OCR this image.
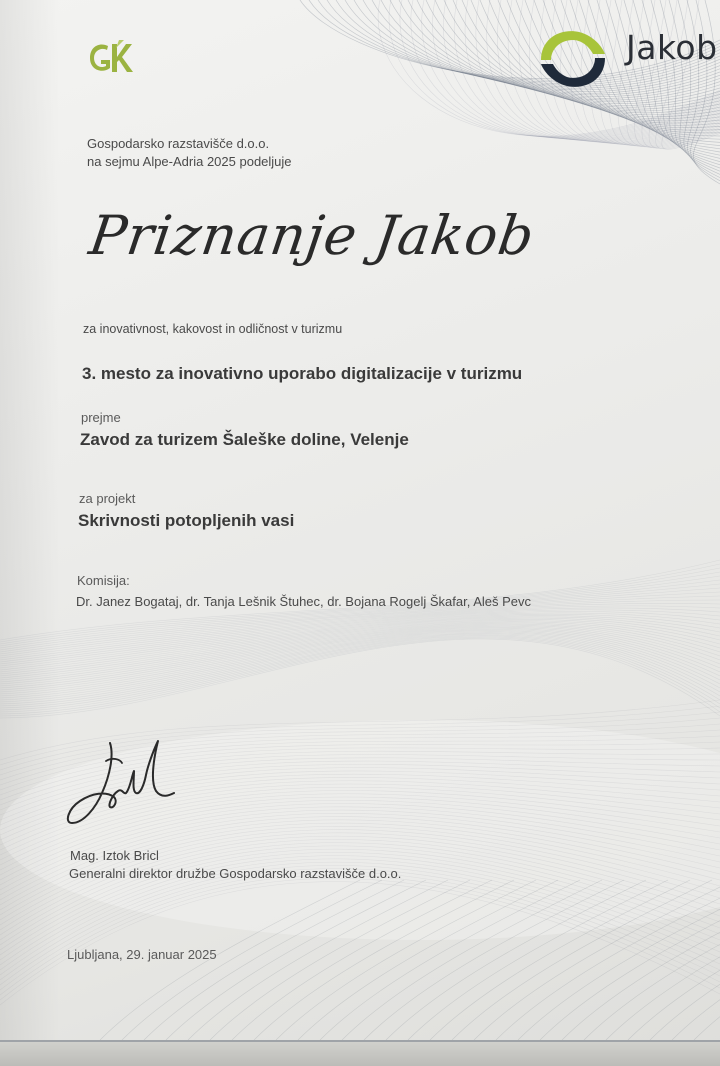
Jakob

Gospodarsko razstavišče d.o.o.

na sejmu Alpe-Adria 2025 podeljuje

Priznanje Jakob

za inovativnost, kakovost in odličnost v turizmu

3. mesto za inovativno uporabo digitalizacije v turizmu

prejme

Zavod za turizem Šaleške doline, Velenje

za projekt

Skrivnosti potopljenih vasi

Komisija:

Dr. Janez Bogataj, dr. Tanja Lešnik Štuhec, dr. Bojana Rogelj Škafar, Aleš Pevc

Mag. Iztok Bricl

Generalni direktor družbe Gospodarsko razstavišče d.o.o.

Ljubljana, 29. januar 2025
